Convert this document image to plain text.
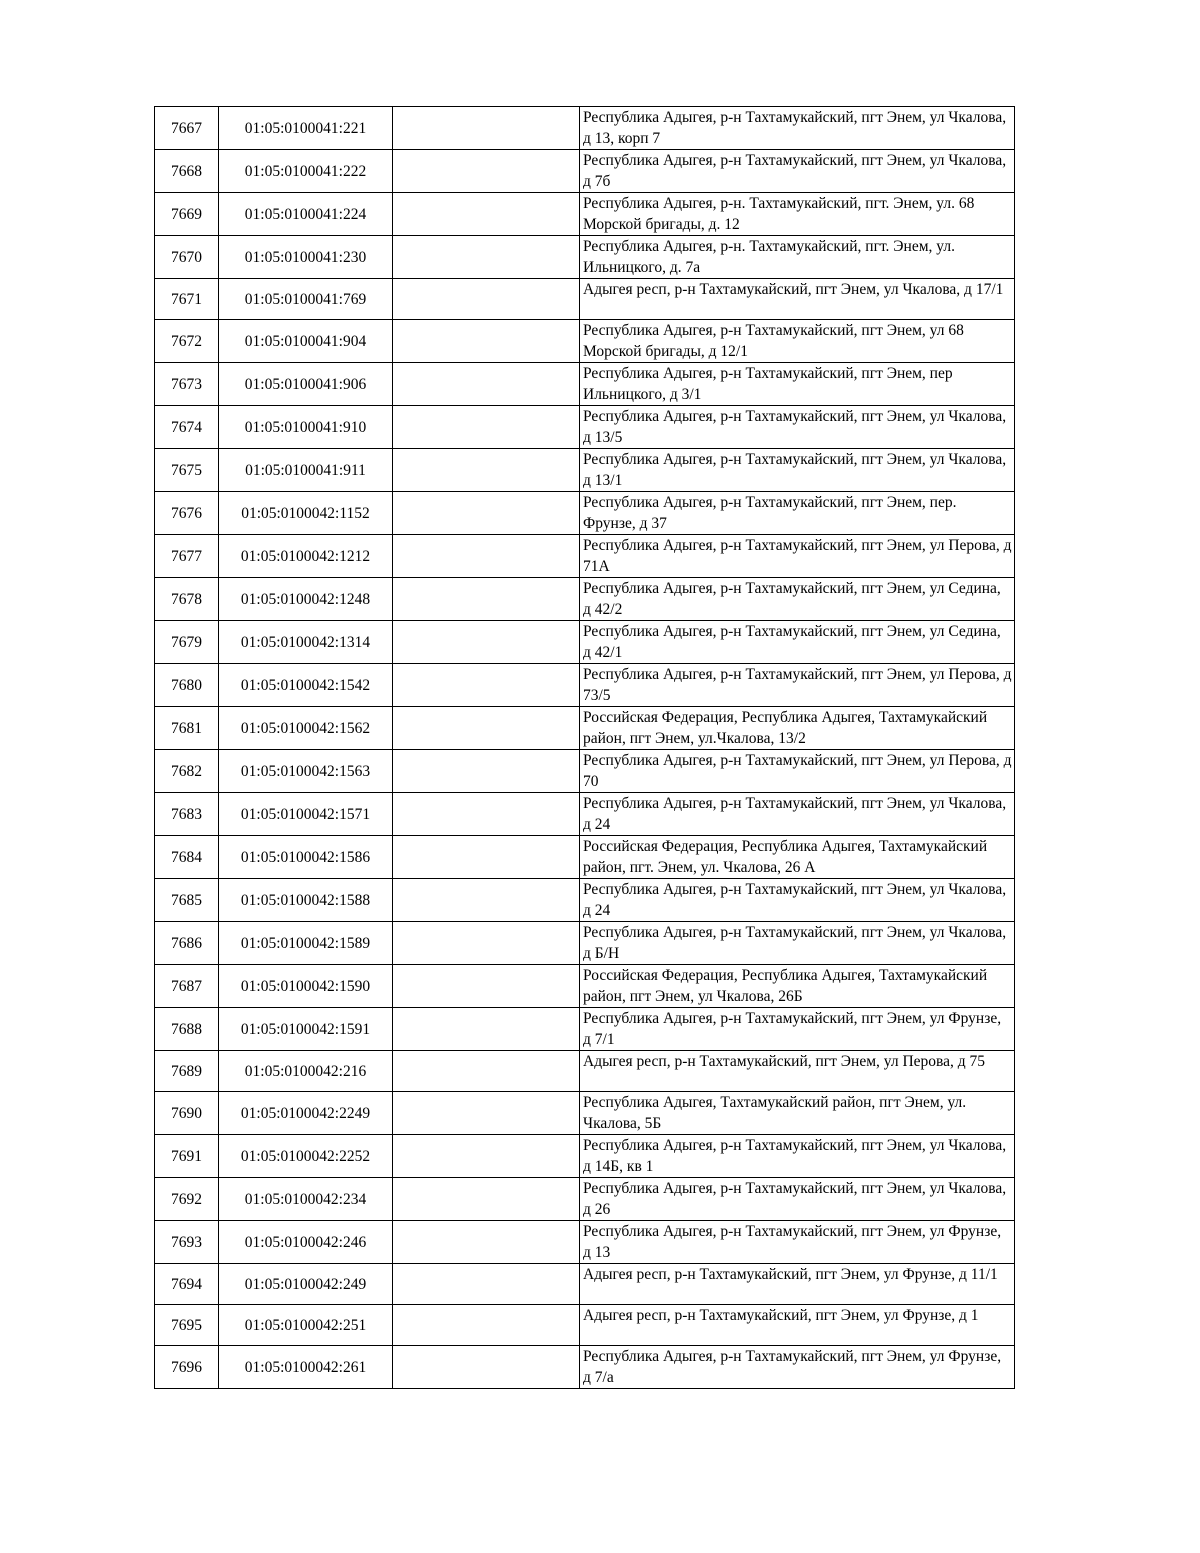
7667	01:05:0100041:221		Республика Адыгея, р-н Тахтамукайский, пгт Энем, ул Чкалова, д 13, корп 7
7668	01:05:0100041:222		Республика Адыгея, р-н Тахтамукайский, пгт Энем, ул Чкалова, д 7б
7669	01:05:0100041:224		Республика Адыгея, р-н. Тахтамукайский, пгт. Энем, ул. 68 Морской бригады, д. 12
7670	01:05:0100041:230		Республика Адыгея, р-н. Тахтамукайский, пгт. Энем, ул. Ильницкого, д. 7а
7671	01:05:0100041:769		Адыгея респ, р-н Тахтамукайский, пгт Энем, ул Чкалова, д 17/1
7672	01:05:0100041:904		Республика Адыгея, р-н Тахтамукайский, пгт Энем, ул 68 Морской бригады, д 12/1
7673	01:05:0100041:906		Республика Адыгея, р-н Тахтамукайский, пгт Энем, пер Ильницкого, д 3/1
7674	01:05:0100041:910		Республика Адыгея, р-н Тахтамукайский, пгт Энем, ул Чкалова, д 13/5
7675	01:05:0100041:911		Республика Адыгея, р-н Тахтамукайский, пгт Энем, ул Чкалова, д 13/1
7676	01:05:0100042:1152		Республика Адыгея, р-н Тахтамукайский, пгт Энем, пер. Фрунзе, д 37
7677	01:05:0100042:1212		Республика Адыгея, р-н Тахтамукайский, пгт Энем, ул Перова, д 71А
7678	01:05:0100042:1248		Республика Адыгея, р-н Тахтамукайский, пгт Энем, ул Седина, д 42/2
7679	01:05:0100042:1314		Республика Адыгея, р-н Тахтамукайский, пгт Энем, ул Седина, д 42/1
7680	01:05:0100042:1542		Республика Адыгея, р-н Тахтамукайский, пгт Энем, ул Перова, д 73/5
7681	01:05:0100042:1562		Российская Федерация, Республика Адыгея, Тахтамукайский район, пгт Энем, ул.Чкалова, 13/2
7682	01:05:0100042:1563		Республика Адыгея, р-н Тахтамукайский, пгт Энем, ул Перова, д 70
7683	01:05:0100042:1571		Республика Адыгея, р-н Тахтамукайский, пгт Энем, ул Чкалова, д 24
7684	01:05:0100042:1586		Российская Федерация, Республика Адыгея, Тахтамукайский район, пгт. Энем, ул. Чкалова, 26 А
7685	01:05:0100042:1588		Республика Адыгея, р-н Тахтамукайский, пгт Энем, ул Чкалова, д 24
7686	01:05:0100042:1589		Республика Адыгея, р-н Тахтамукайский, пгт Энем, ул Чкалова, д Б/Н
7687	01:05:0100042:1590		Российская Федерация, Республика Адыгея, Тахтамукайский район, пгт Энем, ул Чкалова, 26Б
7688	01:05:0100042:1591		Республика Адыгея, р-н Тахтамукайский, пгт Энем, ул Фрунзе, д 7/1
7689	01:05:0100042:216		Адыгея респ, р-н Тахтамукайский, пгт Энем, ул Перова, д 75
7690	01:05:0100042:2249		Республика Адыгея, Тахтамукайский район, пгт Энем, ул. Чкалова, 5Б
7691	01:05:0100042:2252		Республика Адыгея, р-н Тахтамукайский, пгт Энем, ул Чкалова, д 14Б, кв 1
7692	01:05:0100042:234		Республика Адыгея, р-н Тахтамукайский, пгт Энем, ул Чкалова, д 26
7693	01:05:0100042:246		Республика Адыгея, р-н Тахтамукайский, пгт Энем, ул Фрунзе, д 13
7694	01:05:0100042:249		Адыгея респ, р-н Тахтамукайский, пгт Энем, ул Фрунзе, д 11/1
7695	01:05:0100042:251		Адыгея респ, р-н Тахтамукайский, пгт Энем, ул Фрунзе, д 1
7696	01:05:0100042:261		Республика Адыгея, р-н Тахтамукайский, пгт Энем, ул Фрунзе, д 7/а
